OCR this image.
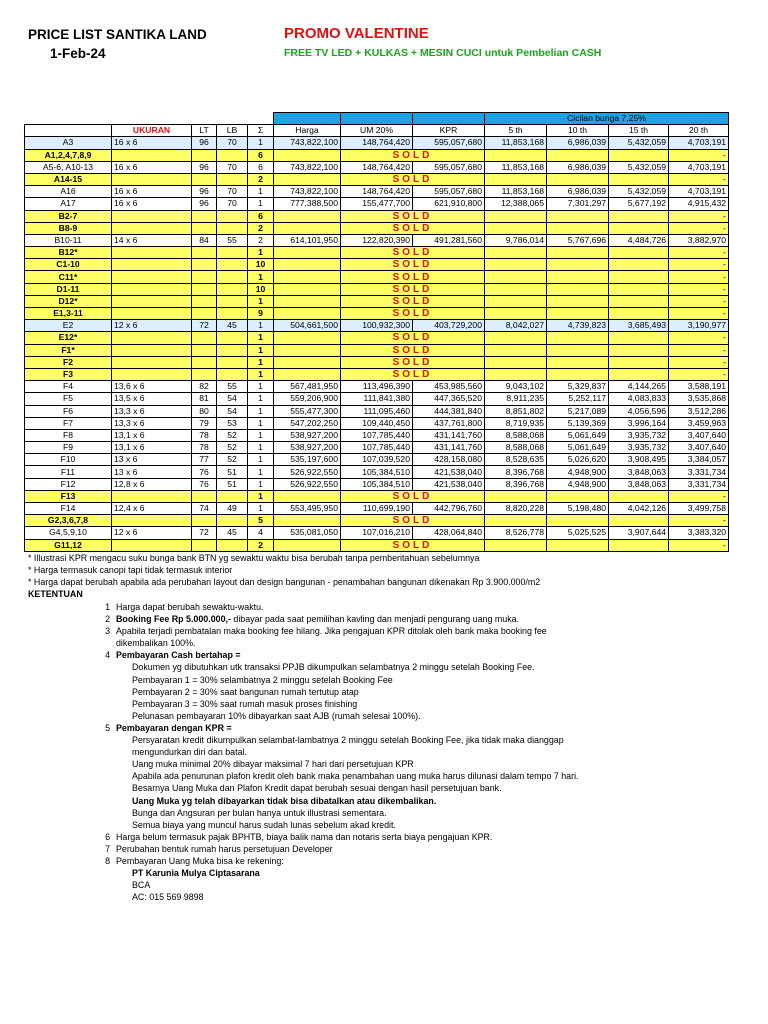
PRICE LIST SANTIKA LAND
1-Feb-24
PROMO VALENTINE
FREE TV LED + KULKAS + MESIN CUCI untuk Pembelian CASH
								Cicilan bunga 7,25%			
	UKURAN	LT	LB	Σ	Harga	UM 20%	KPR	5 th	10 th	15 th	20 th
A3	16 x 6	96	70	1	743,822,100	148,764,420	595,057,680	11,853,168	6,986,039	5,432,059	4,703,191
A1,2,4,7,8,9				6		SOLD					-
A5-6, A10-13	16 x 6	96	70	6	743,822,100	148,764,420	595,057,680	11,853,168	6,986,039	5,432,059	4,703,191
A14-15				2		SOLD					-
A16	16 x 6	96	70	1	743,822,100	148,764,420	595,057,680	11,853,168	6,986,039	5,432,059	4,703,191
A17	16 x 6	96	70	1	777,388,500	155,477,700	621,910,800	12,388,065	7,301,297	5,677,192	4,915,432
B2-7				6		SOLD					-
B8-9				2		SOLD					-
B10-11	14 x 6	84	55	2	614,101,950	122,820,390	491,281,560	9,786,014	5,767,696	4,484,726	3,882,970
B12*				1		SOLD					-
C1-10				10		SOLD					-
C11*				1		SOLD					-
D1-11				10		SOLD					-
D12*				1		SOLD					-
E1,3-11				9		SOLD					-
E2	12 x 6	72	45	1	504,661,500	100,932,300	403,729,200	8,042,027	4,739,823	3,685,493	3,190,977
E12*				1		SOLD					-
F1*				1		SOLD					-
F2				1		SOLD					-
F3				1		SOLD					-
F4	13,6 x 6	82	55	1	567,481,950	113,496,390	453,985,560	9,043,102	5,329,837	4,144,265	3,588,191
F5	13,5 x 6	81	54	1	559,206,900	111,841,380	447,365,520	8,911,235	5,252,117	4,083,833	3,535,868
F6	13,3 x 6	80	54	1	555,477,300	111,095,460	444,381,840	8,851,802	5,217,089	4,056,596	3,512,286
F7	13,3 x 6	79	53	1	547,202,250	109,440,450	437,761,800	8,719,935	5,139,369	3,996,164	3,459,963
F8	13,1 x 6	78	52	1	538,927,200	107,785,440	431,141,760	8,588,068	5,061,649	3,935,732	3,407,640
F9	13,1 x 6	78	52	1	538,927,200	107,785,440	431,141,760	8,588,068	5,061,649	3,935,732	3,407,640
F10	13 x 6	77	52	1	535,197,600	107,039,520	428,158,080	8,528,635	5,026,620	3,908,495	3,384,057
F11	13 x 6	76	51	1	526,922,550	105,384,510	421,538,040	8,396,768	4,948,900	3,848,063	3,331,734
F12	12,8 x 6	76	51	1	526,922,550	105,384,510	421,538,040	8,396,768	4,948,900	3,848,063	3,331,734
F13				1		SOLD					-
F14	12,4 x 6	74	49	1	553,495,950	110,699,190	442,796,760	8,820,228	5,198,480	4,042,126	3,499,758
G2,3,6,7,8				5		SOLD					-
G4,5,9,10	12 x 6	72	45	4	535,081,050	107,016,210	428,064,840	8,526,778	5,025,525	3,907,644	3,383,320
G11,12				2		SOLD					-
* Illustrasi KPR mengacu suku bunga bank BTN yg sewaktu waktu bisa berubah tanpa pemberitahuan sebelumnya
* Harga termasuk canopi tapi tidak termasuk interior
* Harga dapat berubah apabila ada perubahan layout dan design bangunan - penambahan bangunan dikenakan Rp 3.900.000/m2
KETENTUAN
1 Harga dapat berubah sewaktu-waktu.
2 Booking Fee Rp 5.000.000,- dibayar pada saat pemilihan kavling dan menjadi pengurang uang muka.
3 Apabila terjadi pembatalan maka booking fee hilang. Jika pengajuan KPR ditolak oleh bank maka booking fee
dikembalikan 100%.
4 Pembayaran Cash bertahap =
Dokumen yg dibutuhkan utk transaksi PPJB dikumpulkan selambatnya 2 minggu setelah Booking Fee.
Pembayaran 1 = 30% selambatnya 2 minggu setelah Booking Fee
Pembayaran 2 = 30% saat bangunan rumah tertutup atap
Pembayaran 3 = 30% saat rumah masuk proses finishing
Pelunasan pembayaran 10% dibayarkan saat AJB (rumah selesai 100%).
5 Pembayaran dengan KPR =
Persyaratan kredit dikumpulkan selambat-lambatnya 2 minggu setelah Booking Fee, jika tidak maka dianggap
mengundurkan diri dan batal.
Uang muka minimal 20% dibayar maksimal 7 hari dari persetujuan KPR
Apabila ada penurunan plafon kredit oleh bank maka penambahan uang muka harus dilunasi dalam tempo 7 hari.
Besarnya Uang Muka dan Plafon Kredit dapat berubah sesuai dengan hasil persetujuan bank.
Uang Muka yg telah dibayarkan tidak bisa dibatalkan atau dikembalikan.
Bunga dan Angsuran per bulan hanya untuk illustrasi sementara.
Semua biaya yang muncul harus sudah lunas sebelum akad kredit.
6 Harga belum termasuk pajak BPHTB, biaya balik nama dan notaris serta biaya pengajuan KPR.
7 Perubahan bentuk rumah harus persetujuan Developer
8 Pembayaran Uang Muka bisa ke rekening:
PT Karunia Mulya Ciptasarana
BCA
AC: 015 569 9898
